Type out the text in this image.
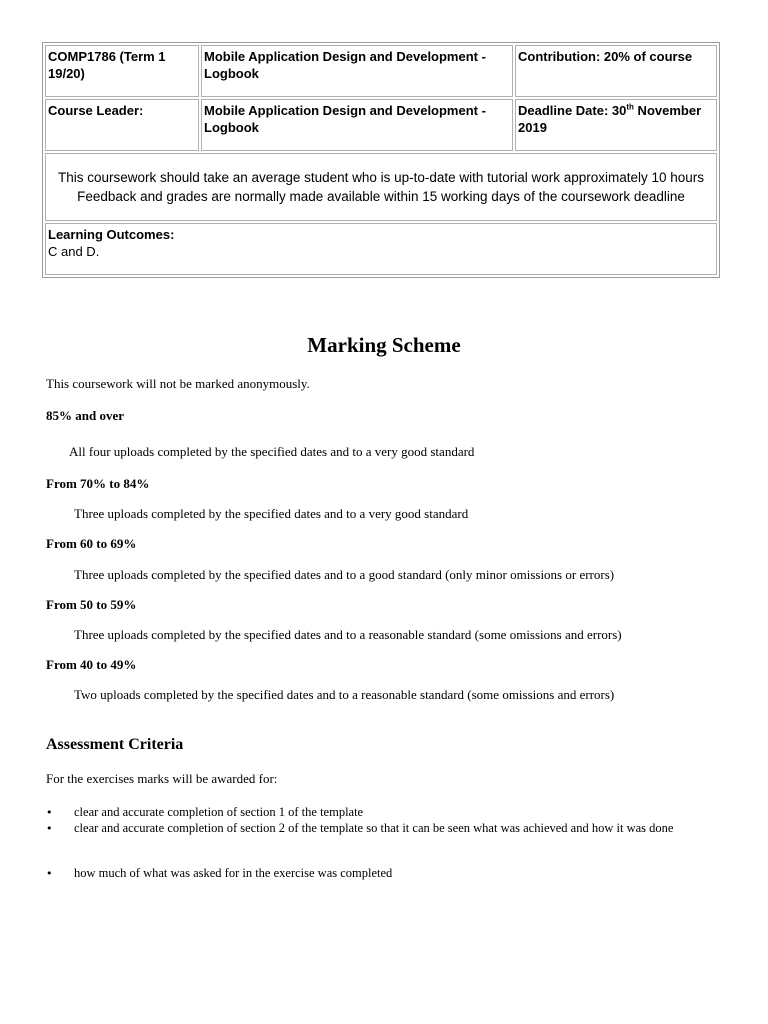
COMP1786 (Term 1 19/20)	Mobile Application Design and Development - Logbook	Contribution: 20% of course
Course Leader:	Mobile Application Design and Development - Logbook	Deadline Date: 30th November 2019

This coursework should take an average student who is up-to-date with tutorial work approximately 10 hours
Feedback and grades are normally made available within 15 working days of the coursework deadline		

Learning Outcomes:
C and D.		
Marking Scheme
This coursework will not be marked anonymously.
85% and over
All four uploads completed by the specified dates and to a very good standard
From 70% to 84%
Three uploads completed by the specified dates and to a very good standard
From 60 to 69%
Three uploads completed by the specified dates and to a good standard (only minor omissions or errors)
From 50 to 59%
Three uploads completed by the specified dates and to a reasonable standard (some omissions and errors)
From 40 to 49%
Two uploads completed by the specified dates and to a reasonable standard (some omissions and errors)
Assessment Criteria
For the exercises marks will be awarded for:
• clear and accurate completion of section 1 of the template
• clear and accurate completion of section 2 of the template so that it can be seen what was achieved and how it was done
• how much of what was asked for in the exercise was completed
